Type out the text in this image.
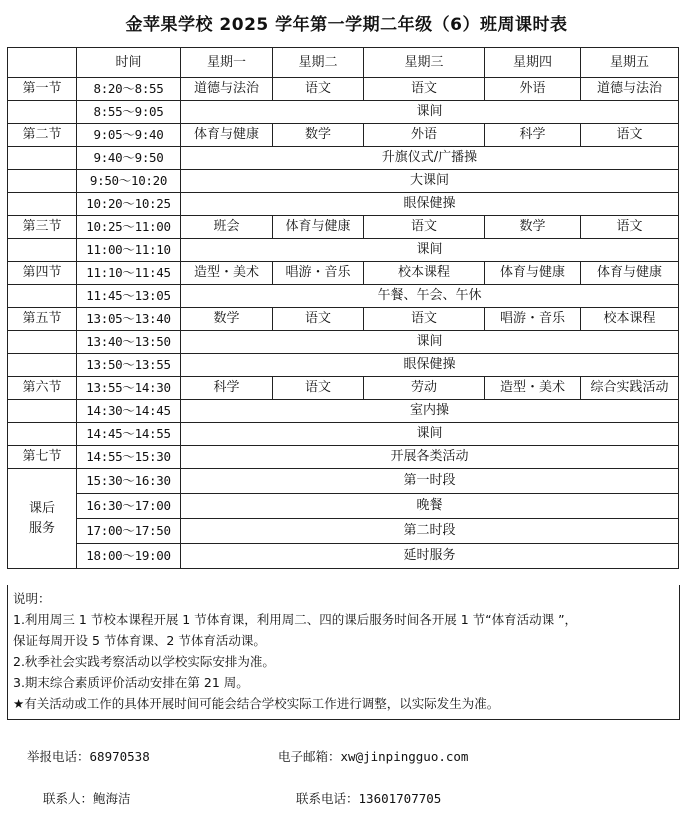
金苹果学校 2025 学年第一学期二年级（6）班周课时表
	时间	星期一	星期二	星期三	星期四	星期五
第一节	8:20～8:55	道德与法治	语文	语文	外语	道德与法治
	8:55～9:05	课间				
第二节	9:05～9:40	体育与健康	数学	外语	科学	语文
	9:40～9:50	升旗仪式/广播操				
	9:50～10:20	大课间				
	10:20～10:25	眼保健操				
第三节	10:25～11:00	班会	体育与健康	语文	数学	语文
	11:00～11:10	课间				
第四节	11:10～11:45	造型・美术	唱游・音乐	校本课程	体育与健康	体育与健康
	11:45～13:05	午餐、午会、午休				
第五节	13:05～13:40	数学	语文	语文	唱游・音乐	校本课程
	13:40～13:50	课间				
	13:50～13:55	眼保健操				
第六节	13:55～14:30	科学	语文	劳动	造型・美术	综合实践活动
	14:30～14:45	室内操				
	14:45～14:55	课间				
第七节	14:55～15:30	开展各类活动				

课后
服务	15:30～16:30	第一时段				
	16:30～17:00	晚餐				
	17:00～17:50	第二时段				
	18:00～19:00	延时服务				
说明：
1.利用周三 1 节校本课程开展 1 节体育课，利用周二、四的课后服务时间各开展 1 节“体育活动课 ”，
保证每周开设 5 节体育课、2 节体育活动课。
2.秋季社会实践考察活动以学校实际安排为准。
3.期末综合素质评价活动安排在第 21 周。
★有关活动或工作的具体开展时间可能会结合学校实际工作进行调整，以实际发生为准。
举报电话：68970538	电子邮箱：xw@jinpingguo.com
联系人：鲍海洁	联系电话：13601707705
